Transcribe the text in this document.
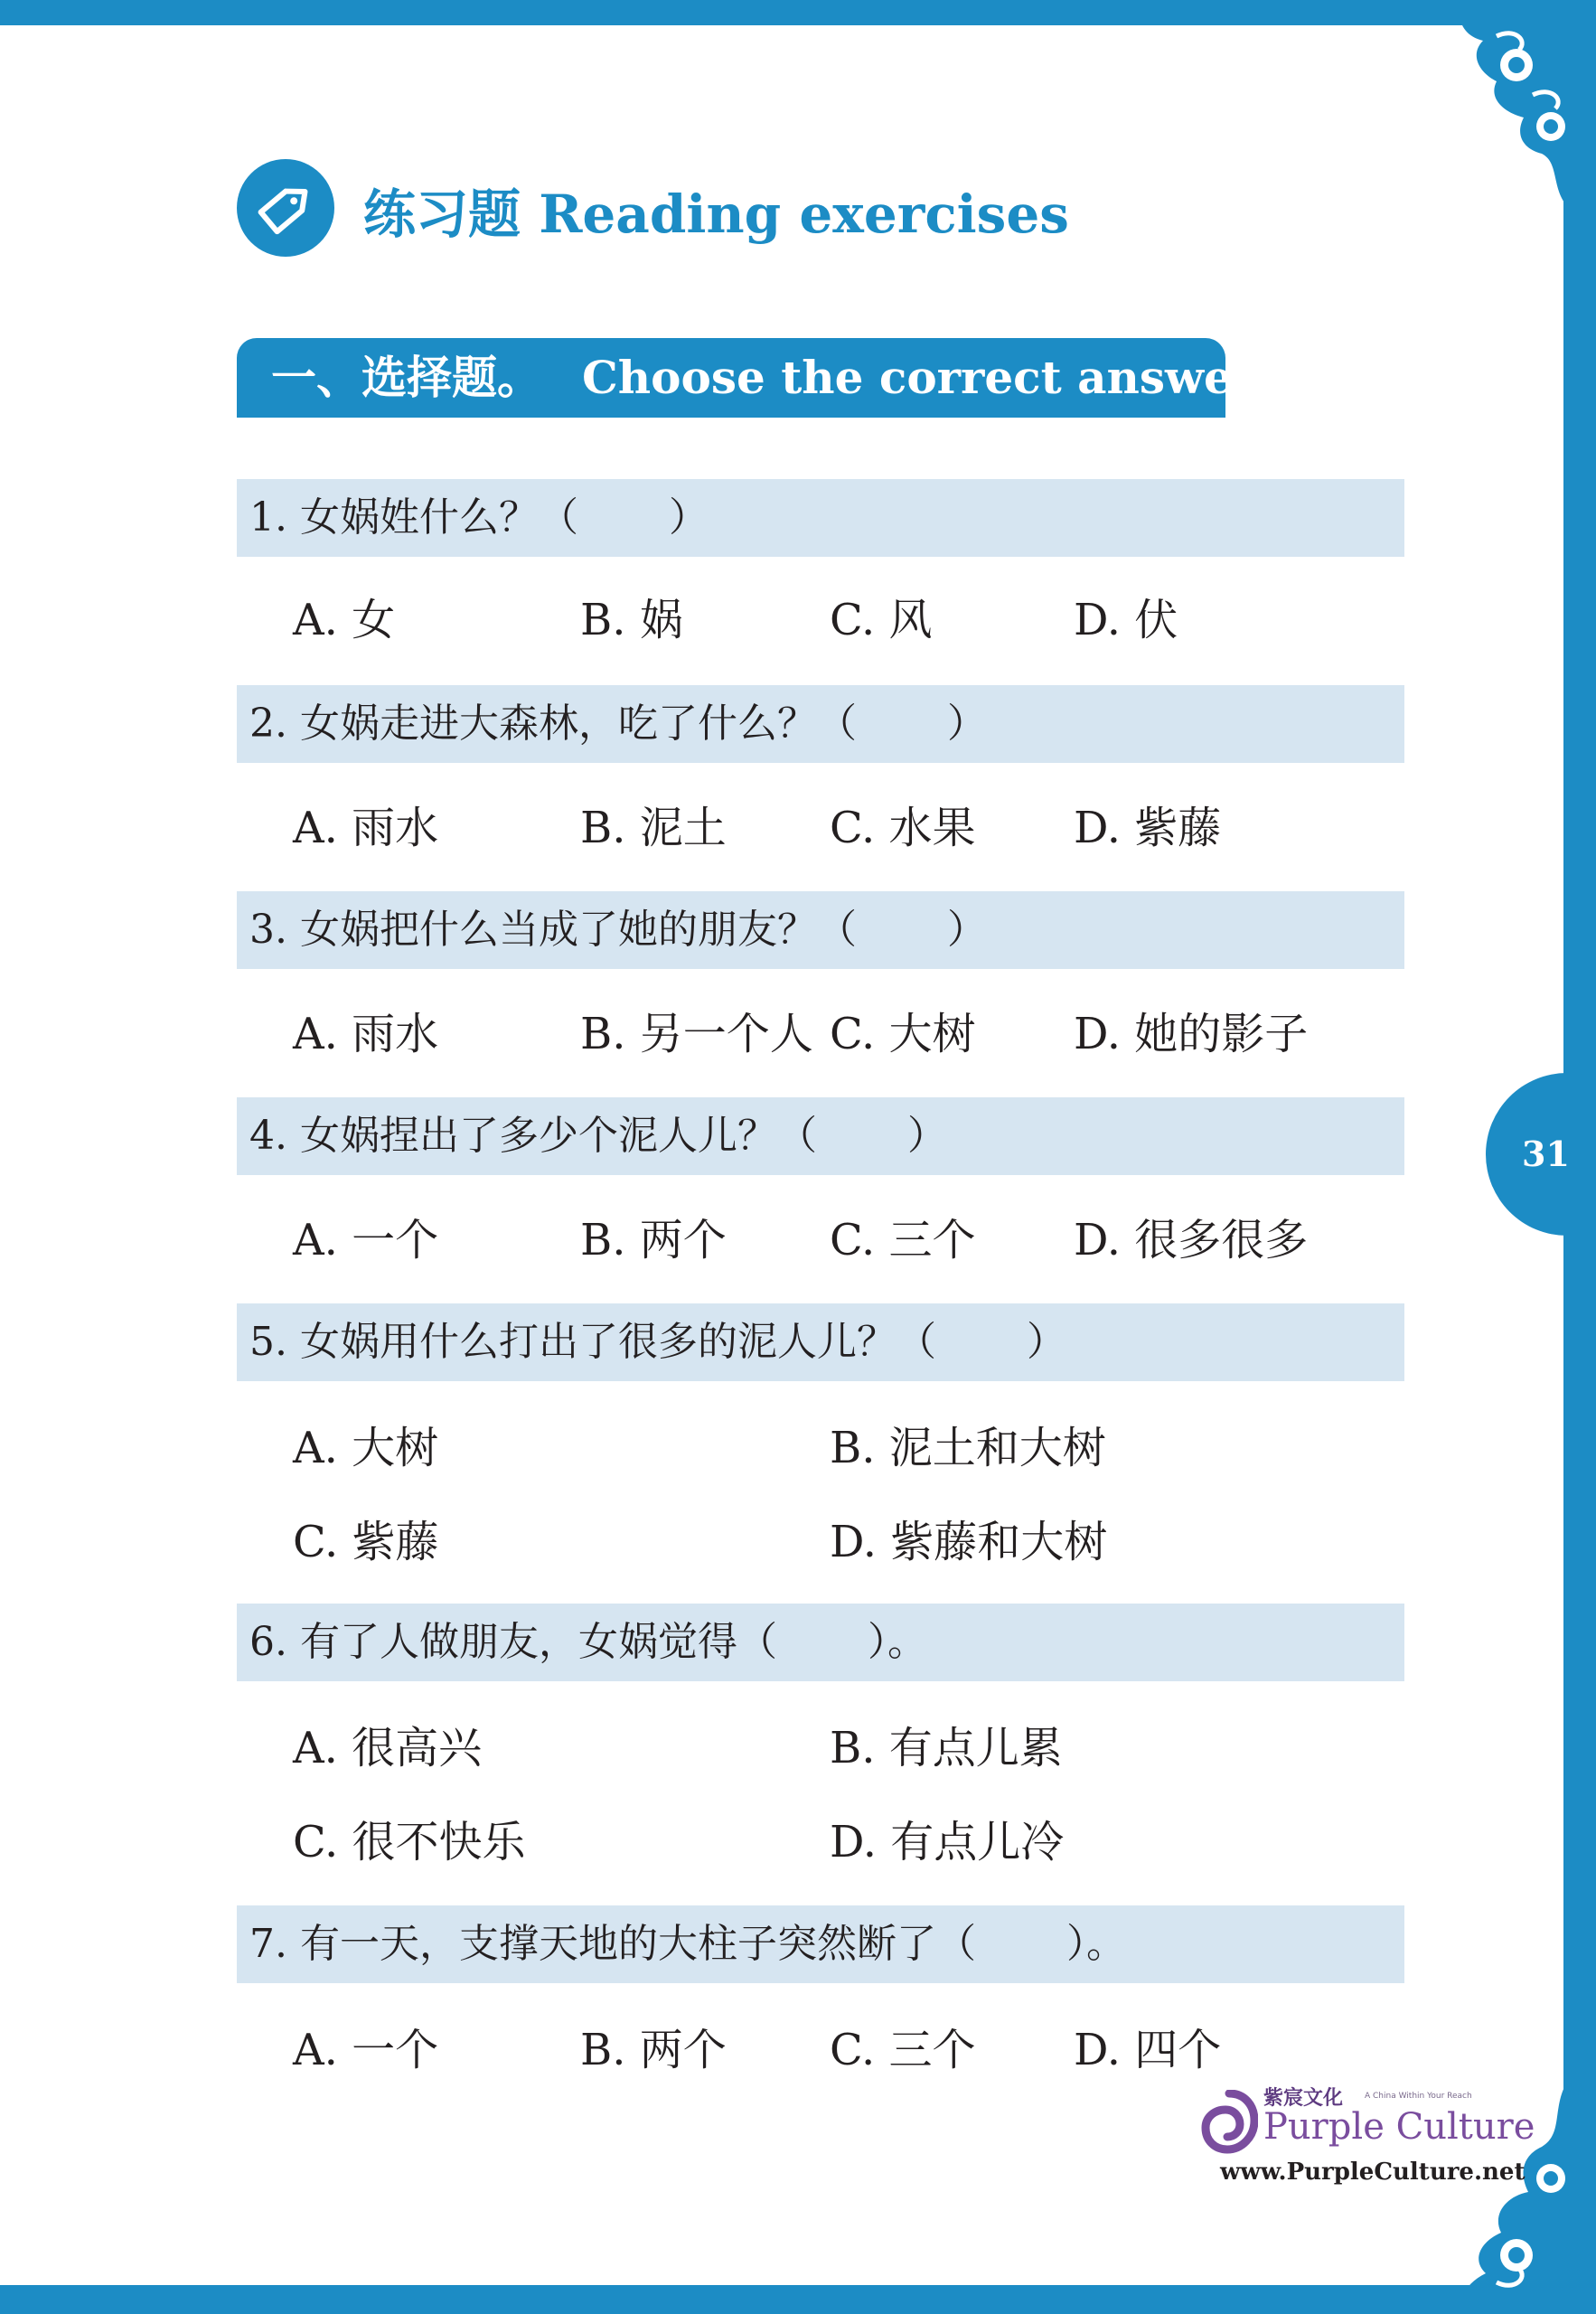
31
练习题 Reading exercises
一、选择题。 Choose the correct answer
1. 女娲姓什么？（ ）
A. 女	B. 娲	C. 风	D. 伏
2. 女娲走进大森林，吃了什么？（ ）
A. 雨水	B. 泥土 C. 水果 D. 紫藤
3. 女娲把什么当成了她的朋友？（ ）
A. 雨水	B. 另一个人 C. 大树 D. 她的影子
4. 女娲捏出了多少个泥人儿？（ ）
A. 一个	B. 两个 C. 三个 D. 很多很多
5. 女娲用什么打出了很多的泥人儿？（ ）
A. 大树	B. 泥土和大树
C. 紫藤	D. 紫藤和大树
6. 有了人做朋友，女娲觉得（ ）。
A. 很高兴	B. 有点儿累
C. 很不快乐	D. 有点儿冷
7. 有一天，支撑天地的大柱子突然断了（ ）。
A. 一个	B. 两个 C. 三个 D. 四个
紫宸文化	A China Within Your Reach
Purple Culture
www.PurpleCulture.net
